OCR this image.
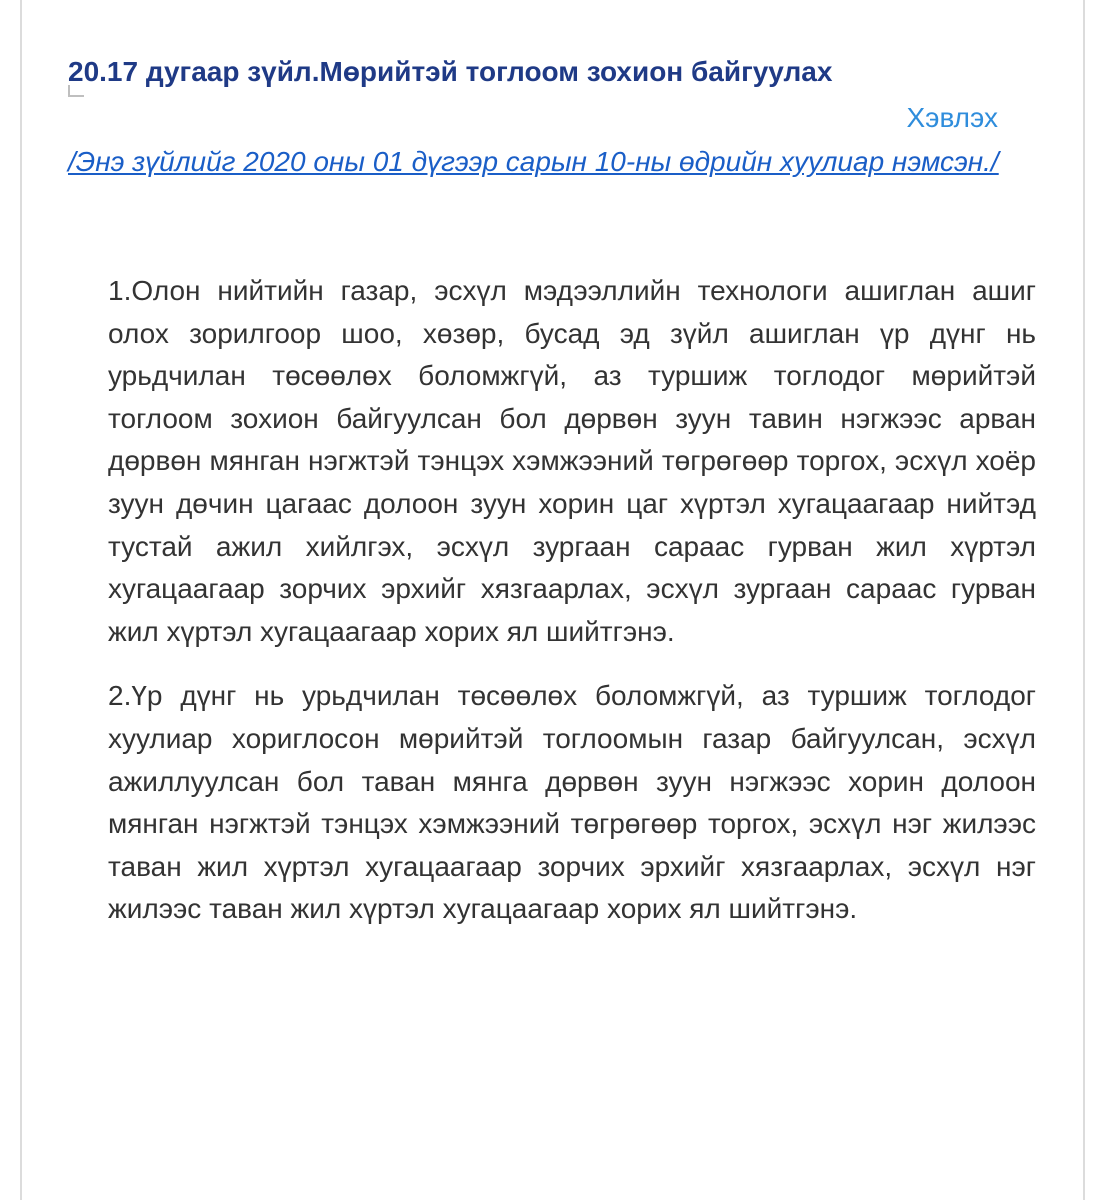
20.17 дугаар зүйл.Мөрийтэй тоглоом зохион байгуулах
Хэвлэх

/Энэ зүйлийг 2020 оны 01 дүгээр сарын 10-ны өдрийн хуулиар нэмсэн./

1.Олон нийтийн газар, эсхүл мэдээллийн технологи ашиглан ашиг олох зорилгоор шоо, хөзөр, бусад эд зүйл ашиглан үр дүнг нь урьдчилан төсөөлөх боломжгүй, аз туршиж тоглодог мөрийтэй тоглоом зохион байгуулсан бол дөрвөн зуун тавин нэгжээс арван дөрвөн мянган нэгжтэй тэнцэх хэмжээний төгрөгөөр торгох, эсхүл хоёр зуун дөчин цагаас долоон зуун хорин цаг хүртэл хугацаагаар нийтэд тустай ажил хийлгэх, эсхүл зургаан сараас гурван жил хүртэл хугацаагаар зорчих эрхийг хязгаарлах, эсхүл зургаан сараас гурван жил хүртэл хугацаагаар хорих ял шийтгэнэ.

2.Үр дүнг нь урьдчилан төсөөлөх боломжгүй, аз туршиж тоглодог хуулиар хориглосон мөрийтэй тоглоомын газар байгуулсан, эсхүл ажиллуулсан бол таван мянга дөрвөн зуун нэгжээс хорин долоон мянган нэгжтэй тэнцэх хэмжээний төгрөгөөр торгох, эсхүл нэг жилээс таван жил хүртэл хугацаагаар зорчих эрхийг хязгаарлах, эсхүл нэг жилээс таван жил хүртэл хугацаагаар хорих ял шийтгэнэ.
